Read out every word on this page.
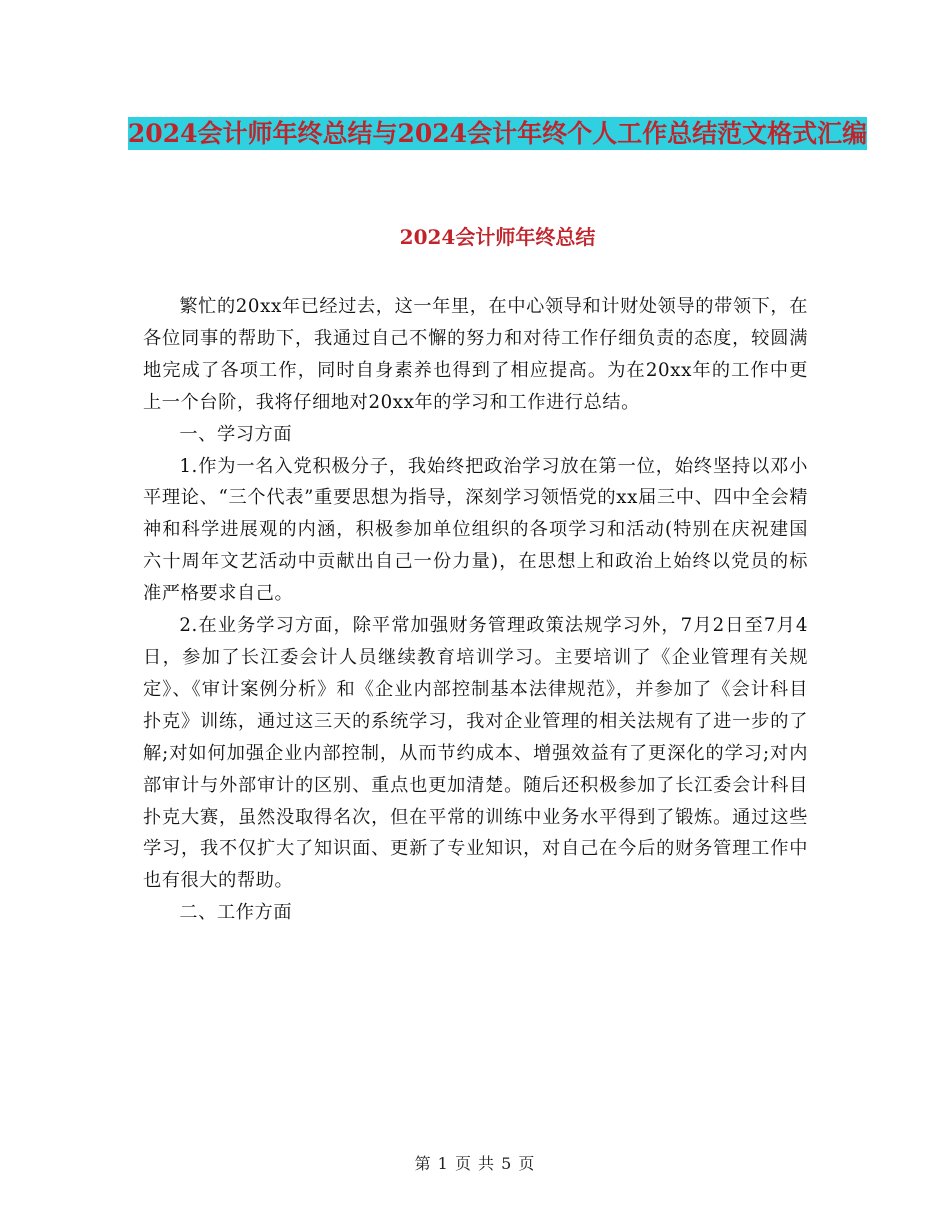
2024会计师年终总结与2024会计年终个人工作总结范文格式汇编
2024会计师年终总结

繁忙的20xx年已经过去，这一年里，在中心领导和计财处领导的带领下，在各位同事的帮助下，我通过自己不懈的努力和对待工作仔细负责的态度，较圆满地完成了各项工作，同时自身素养也得到了相应提高。为在20xx年的工作中更上一个台阶，我将仔细地对20xx年的学习和工作进行总结。

一、学习方面

1.作为一名入党积极分子，我始终把政治学习放在第一位，始终坚持以邓小平理论、“三个代表”重要思想为指导，深刻学习领悟党的xx届三中、四中全会精神和科学进展观的内涵，积极参加单位组织的各项学习和活动(特别在庆祝建国六十周年文艺活动中贡献出自己一份力量)，在思想上和政治上始终以党员的标准严格要求自己。

2.在业务学习方面，除平常加强财务管理政策法规学习外，7月2日至7月4日，参加了长江委会计人员继续教育培训学习。主要培训了《企业管理有关规定》、《审计案例分析》和《企业内部控制基本法律规范》，并参加了《会计科目扑克》训练，通过这三天的系统学习，我对企业管理的相关法规有了进一步的了解;对如何加强企业内部控制，从而节约成本、增强效益有了更深化的学习;对内部审计与外部审计的区别、重点也更加清楚。随后还积极参加了长江委会计科目扑克大赛，虽然没取得名次，但在平常的训练中业务水平得到了锻炼。通过这些学习，我不仅扩大了知识面、更新了专业知识，对自己在今后的财务管理工作中也有很大的帮助。

二、工作方面

第 1 页 共 5 页
